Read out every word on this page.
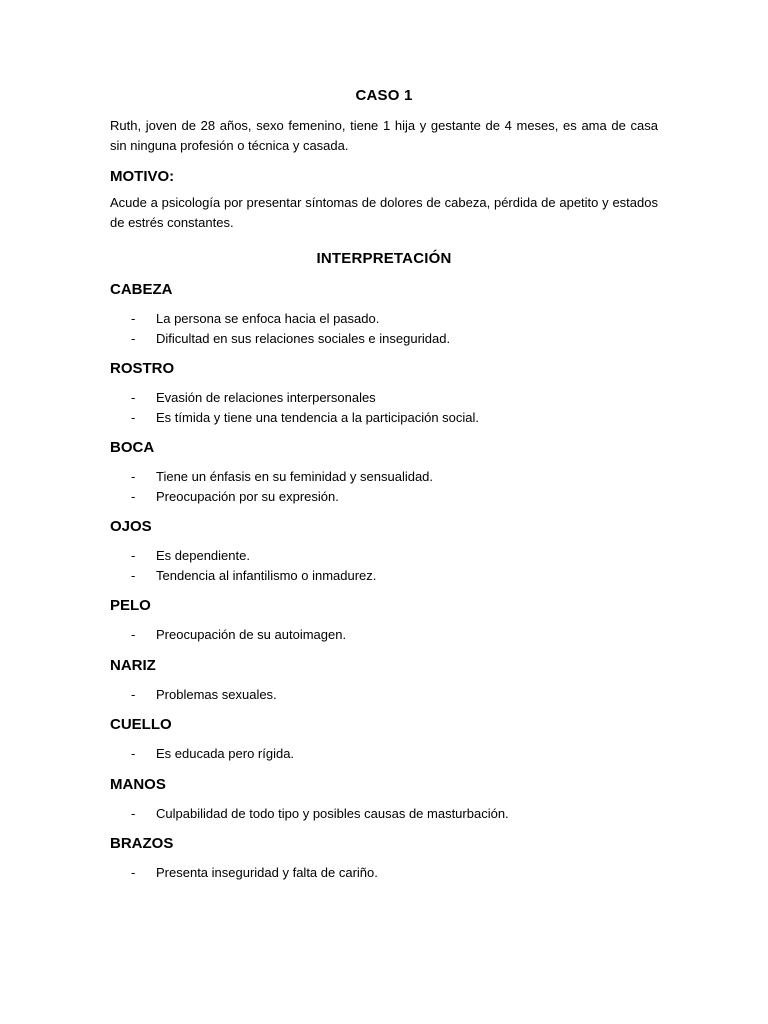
CASO 1

Ruth, joven de 28 años, sexo femenino, tiene 1 hija y gestante de 4 meses, es ama de casa sin ninguna profesión o técnica y casada.

MOTIVO:

Acude a psicología por presentar síntomas de dolores de cabeza, pérdida de apetito y estados de estrés constantes.

INTERPRETACIÓN
CABEZA
- La persona se enfoca hacia el pasado.
- Dificultad en sus relaciones sociales e inseguridad.
ROSTRO
- Evasión de relaciones interpersonales
- Es tímida y tiene una tendencia a la participación social.
BOCA
- Tiene un énfasis en su feminidad y sensualidad.
- Preocupación por su expresión.
OJOS
- Es dependiente.
- Tendencia al infantilismo o inmadurez.
PELO
- Preocupación de su autoimagen.
NARIZ
- Problemas sexuales.
CUELLO
- Es educada pero rígida.
MANOS
- Culpabilidad de todo tipo y posibles causas de masturbación.
BRAZOS
- Presenta inseguridad y falta de cariño.
